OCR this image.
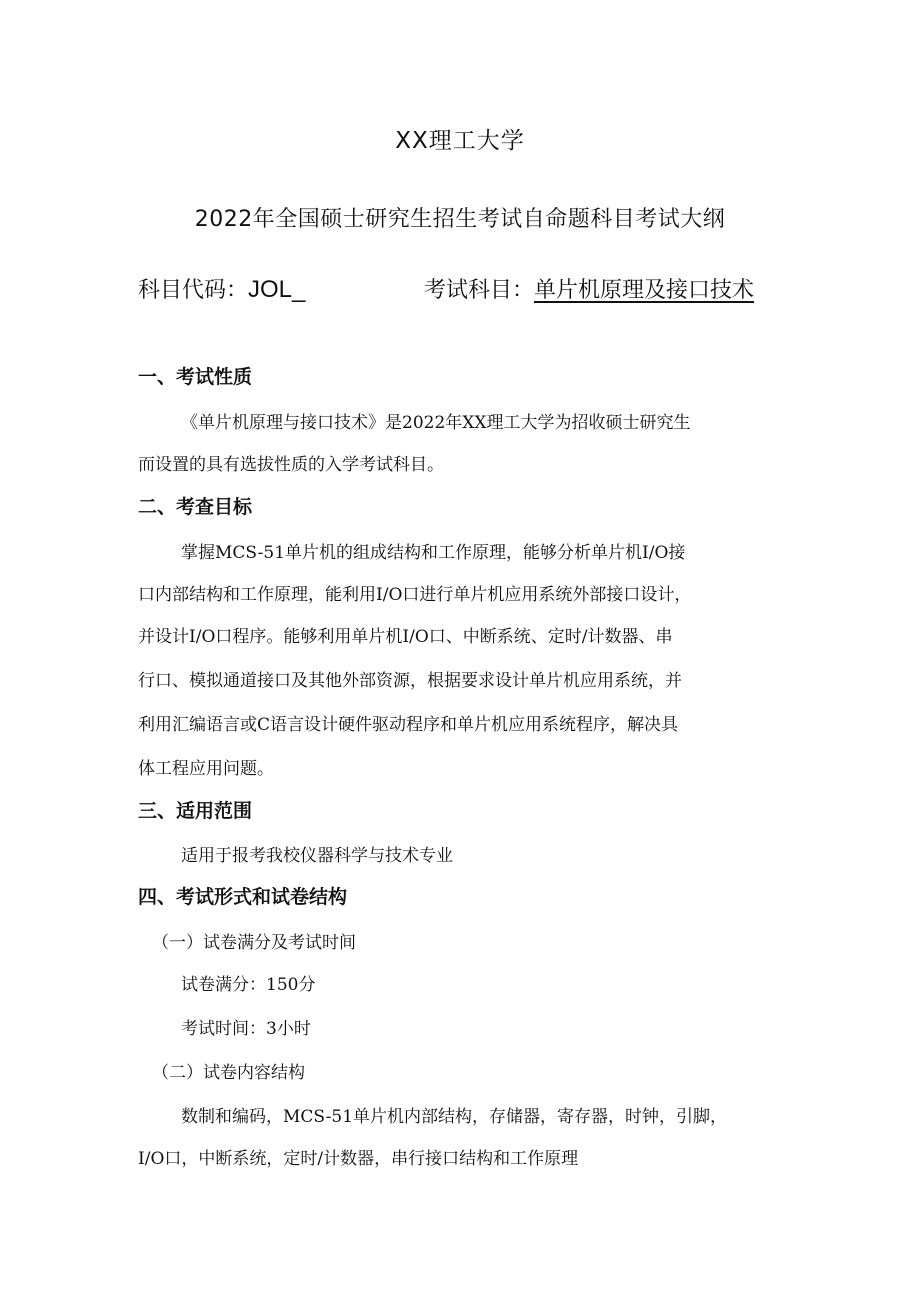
XX理工大学
2022年全国硕士研究生招生考试自命题科目考试大纲
科目代码：JOL_	考试科目：单片机原理及接口技术
一、考试性质
《单片机原理与接口技术》是2022年XX理工大学为招收硕士研究生
而设置的具有选拔性质的入学考试科目。
二、考查目标
掌握MCS-51单片机的组成结构和工作原理，能够分析单片机I/O接
口内部结构和工作原理，能利用I/O口进行单片机应用系统外部接口设计，
并设计I/O口程序。能够利用单片机I/O口、中断系统、定时/计数器、串
行口、模拟通道接口及其他外部资源，根据要求设计单片机应用系统，并
利用汇编语言或C语言设计硬件驱动程序和单片机应用系统程序，解决具
体工程应用问题。
三、适用范围
适用于报考我校仪器科学与技术专业
四、考试形式和试卷结构
（一）试卷满分及考试时间
试卷满分：150分
考试时间：3小时
（二）试卷内容结构
数制和编码，MCS-51单片机内部结构，存储器，寄存器，时钟，引脚，
I/O口，中断系统，定时/计数器，串行接口结构和工作原理
